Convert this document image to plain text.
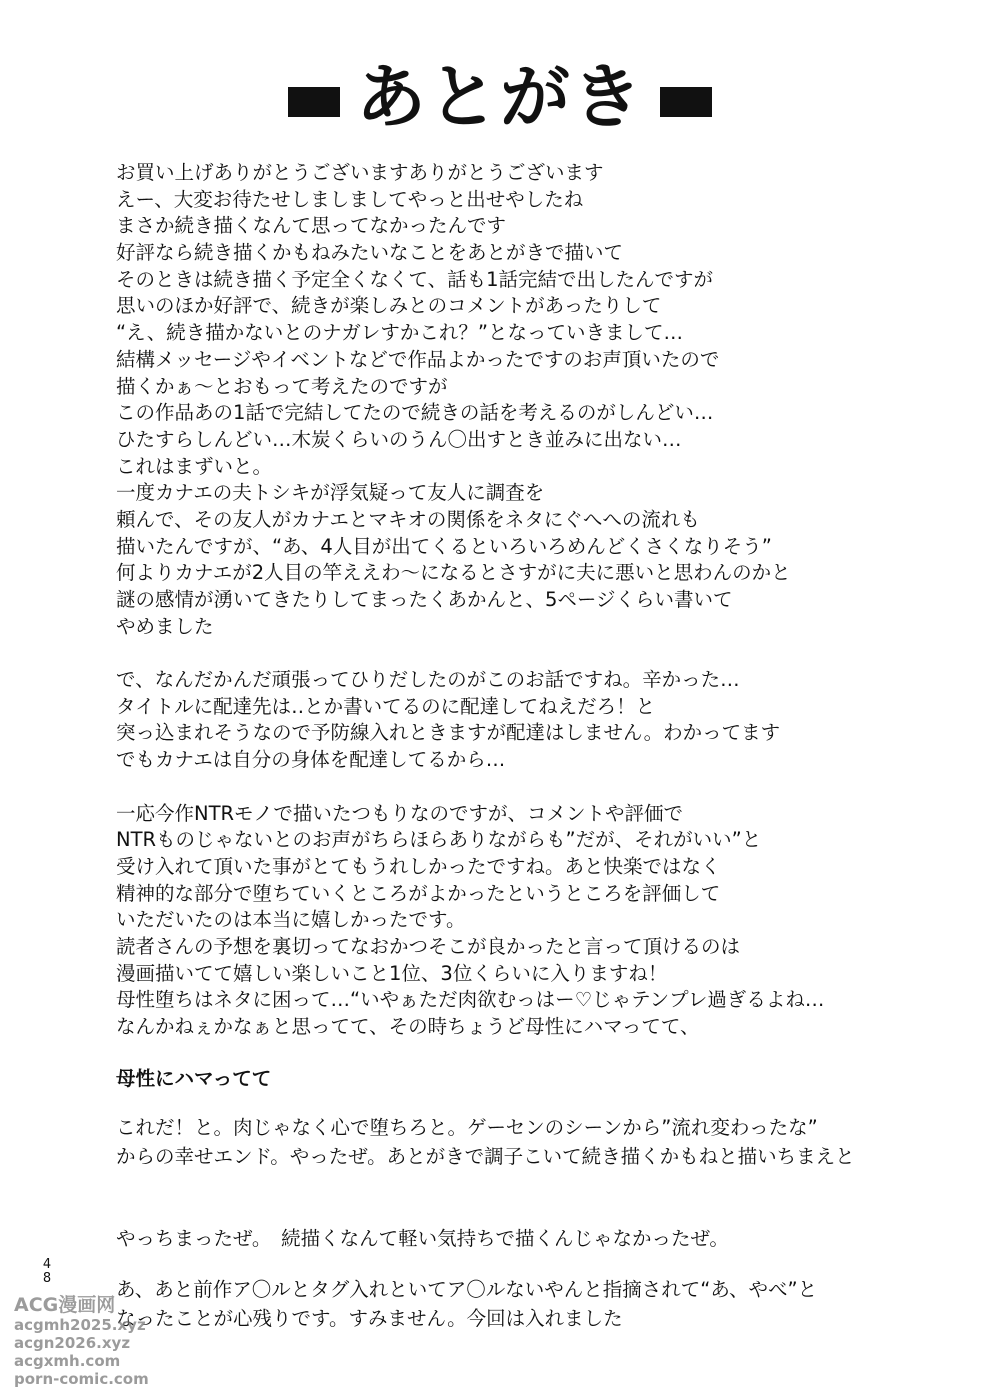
あとがき
お買い上げありがとうございますありがとうございます
えー、大変お待たせしましましてやっと出せやしたね
まさか続き描くなんて思ってなかったんです
好評なら続き描くかもねみたいなことをあとがきで描いて
そのときは続き描く予定全くなくて、話も1話完結で出したんですが
思いのほか好評で、続きが楽しみとのコメントがあったりして
“え、続き描かないとのナガレすかこれ？”となっていきまして…
結構メッセージやイベントなどで作品よかったですのお声頂いたので
描くかぁ～とおもって考えたのですが
この作品あの1話で完結してたので続きの話を考えるのがしんどい…
ひたすらしんどい…木炭くらいのうん〇出すとき並みに出ない…
これはまずいと。
一度カナエの夫トシキが浮気疑って友人に調査を
頼んで、その友人がカナエとマキオの関係をネタにぐへへの流れも
描いたんですが、“あ、4人目が出てくるといろいろめんどくさくなりそう”
何よりカナエが2人目の竿ええわ～になるとさすがに夫に悪いと思わんのかと
謎の感情が湧いてきたりしてまったくあかんと、5ページくらい書いて
やめました
で、なんだかんだ頑張ってひりだしたのがこのお話ですね。辛かった…
タイトルに配達先は‥とか書いてるのに配達してねえだろ！と
突っ込まれそうなので予防線入れときますが配達はしません。わかってます
でもカナエは自分の身体を配達してるから…
一応今作NTRモノで描いたつもりなのですが、コメントや評価で
NTRものじゃないとのお声がちらほらありながらも”だが、それがいい”と
受け入れて頂いた事がとてもうれしかったですね。あと快楽ではなく
精神的な部分で堕ちていくところがよかったというところを評価して
いただいたのは本当に嬉しかったです。
読者さんの予想を裏切ってなおかつそこが良かったと言って頂けるのは
漫画描いてて嬉しい楽しいこと1位、3位くらいに入りますね！
母性堕ちはネタに困って…“いやぁただ肉欲むっはー♡じゃテンプレ過ぎるよね…
なんかねぇかなぁと思ってて、その時ちょうど母性にハマってて、
母性にハマってて
これだ！と。肉じゃなく心で堕ちろと。ゲーセンのシーンから”流れ変わったな”
からの幸せエンド。やったぜ。あとがきで調子こいて続き描くかもねと描いちまえと
やっちまったぜ。　続描くなんて軽い気持ちで描くんじゃなかったぜ。
あ、あと前作ア〇ルとタグ入れといてア〇ルないやんと指摘されて“あ、やべ”と
なったことが心残りです。すみません。今回は入れました
48
ACG漫画网
acgmh2025.xyz
acgn2026.xyz
acgxmh.com
porn-comic.com
